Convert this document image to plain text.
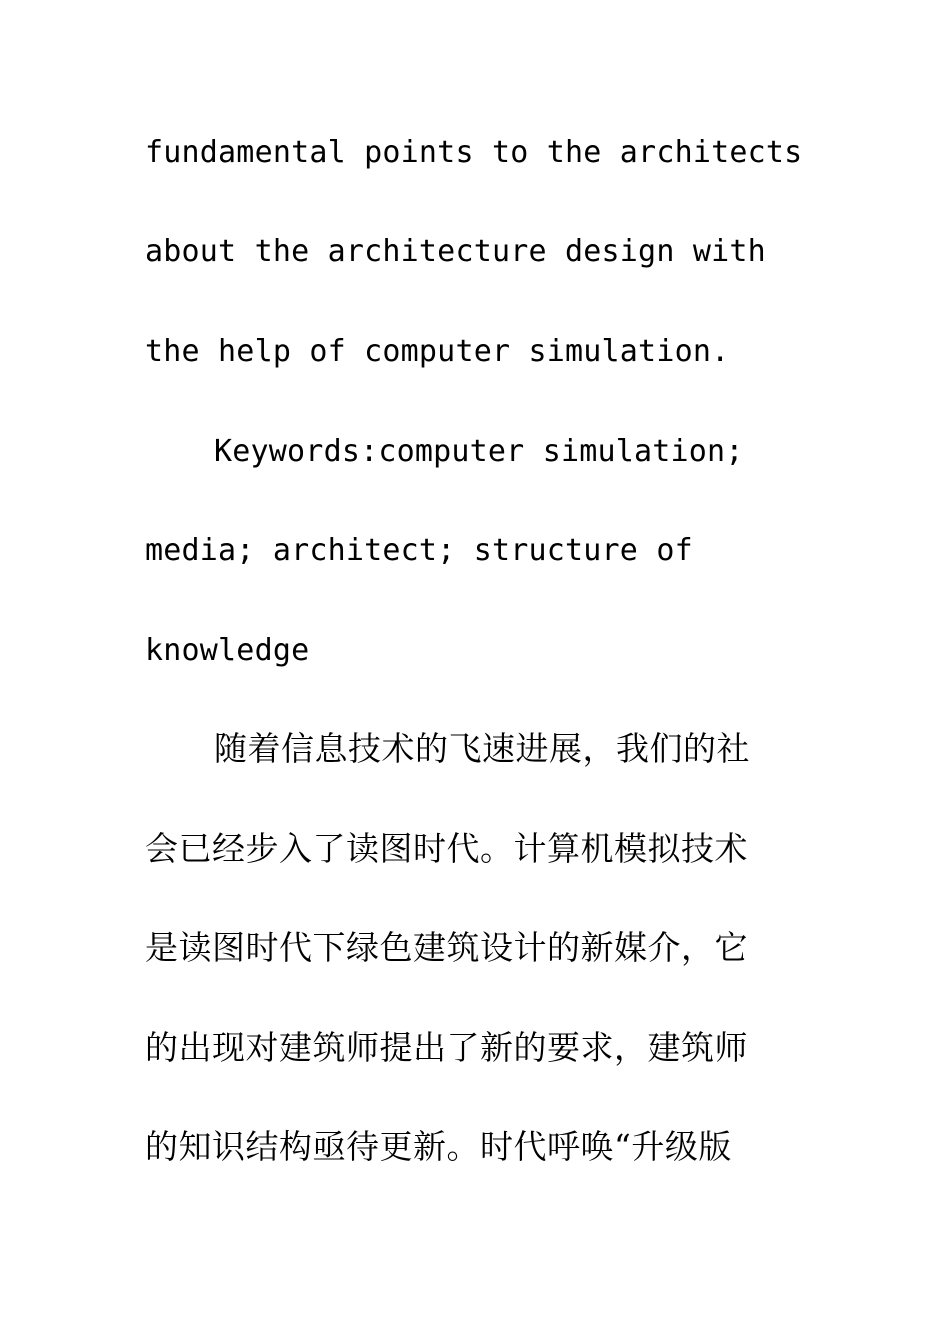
fundamental points to the architects
about the architecture design with
the help of computer simulation.
Keywords:computer simulation;
media; architect; structure of
knowledge
随着信息技术的飞速进展，我们的社
会已经步入了读图时代。计算机模拟技术
是读图时代下绿色建筑设计的新媒介，它
的出现对建筑师提出了新的要求，建筑师
的知识结构亟待更新。时代呼唤“升级版
